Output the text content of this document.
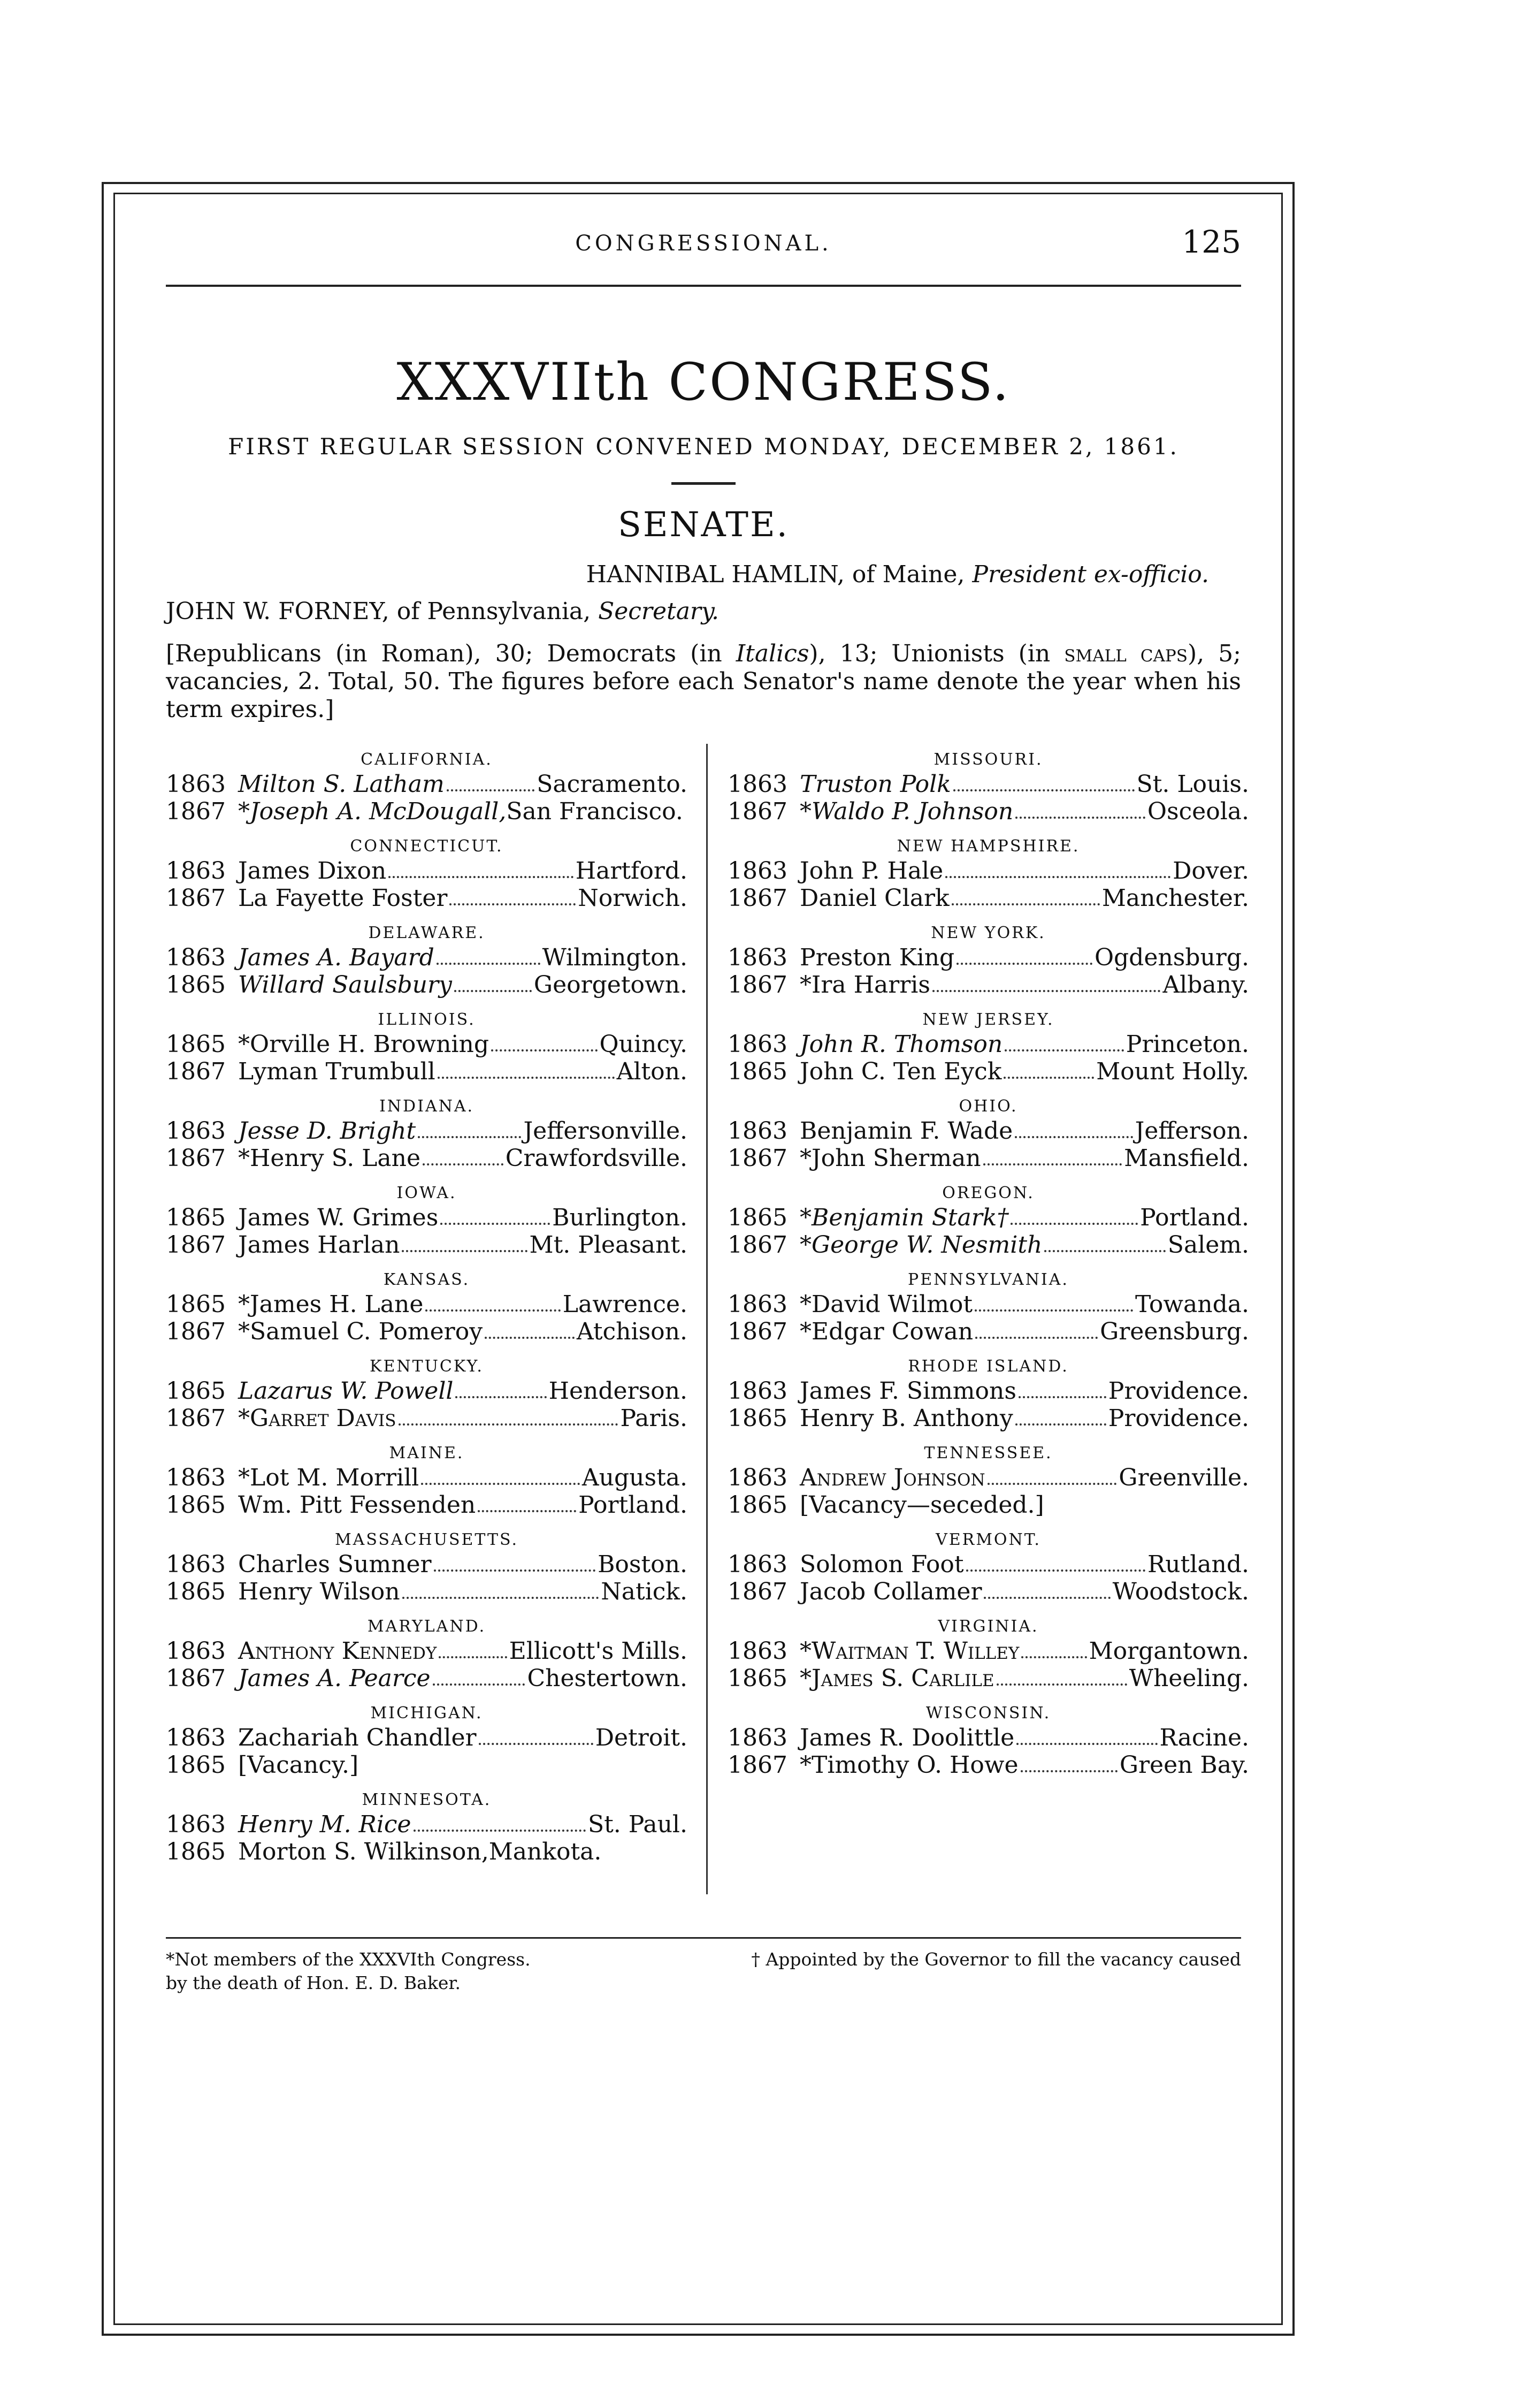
CONGRESSIONAL.	125
XXXVIIth CONGRESS.
FIRST REGULAR SESSION CONVENED MONDAY, DECEMBER 2, 1861.
SENATE.
HANNIBAL HAMLIN, of Maine, President ex-officio.
JOHN W. FORNEY, of Pennsylvania, Secretary.
[Republicans (in Roman), 30; Democrats (in Italics), 13; Unionists (in small caps), 5; vacancies, 2. Total, 50. The figures before each Senator's name denote the year when his term expires.]
CALIFORNIA.
1863 Milton S. Latham	Sacramento.
1867 *Joseph A. McDougall, San Francisco.
CONNECTICUT.
1863 James Dixon	Hartford.
1867 La Fayette Foster	Norwich.
DELAWARE.
1863 James A. Bayard	Wilmington.
1865 Willard Saulsbury	Georgetown.
ILLINOIS.
1865 *Orville H. Browning	Quincy.
1867 Lyman Trumbull	Alton.
INDIANA.
1863 Jesse D. Bright	Jeffersonville.
1867 *Henry S. Lane	Crawfordsville.
IOWA.
1865 James W. Grimes	Burlington.
1867 James Harlan	Mt. Pleasant.
KANSAS.
1865 *James H. Lane	Lawrence.
1867 *Samuel C. Pomeroy	Atchison.
KENTUCKY.
1865 Lazarus W. Powell	Henderson.
1867 *Garret Davis	Paris.
MAINE.
1863 *Lot M. Morrill	Augusta.
1865 Wm. Pitt Fessenden	Portland.
MASSACHUSETTS.
1863 Charles Sumner	Boston.
1865 Henry Wilson	Natick.
MARYLAND.
1863 Anthony Kennedy	Ellicott's Mills.
1867 James A. Pearce	Chestertown.
MICHIGAN.
1863 Zachariah Chandler	Detroit.
1865 [Vacancy.]
MINNESOTA.
1863 Henry M. Rice	St. Paul.
1865 Morton S. Wilkinson, Mankota.
MISSOURI.
1863 Truston Polk	St. Louis.
1867 *Waldo P. Johnson	Osceola.
NEW HAMPSHIRE.
1863 John P. Hale	Dover.
1867 Daniel Clark	Manchester.
NEW YORK.
1863 Preston King	Ogdensburg.
1867 *Ira Harris	Albany.
NEW JERSEY.
1863 John R. Thomson	Princeton.
1865 John C. Ten Eyck	Mount Holly.
OHIO.
1863 Benjamin F. Wade	Jefferson.
1867 *John Sherman	Mansfield.
OREGON.
1865 *Benjamin Stark†	Portland.
1867 *George W. Nesmith	Salem.
PENNSYLVANIA.
1863 *David Wilmot	Towanda.
1867 *Edgar Cowan	Greensburg.
RHODE ISLAND.
1863 James F. Simmons	Providence.
1865 Henry B. Anthony	Providence.
TENNESSEE.
1863 Andrew Johnson	Greenville.
1865 [Vacancy—seceded.]
VERMONT.
1863 Solomon Foot	Rutland.
1867 Jacob Collamer	Woodstock.
VIRGINIA.
1863 *Waitman T. Willey	Morgantown.
1865 *James S. Carlile	Wheeling.
WISCONSIN.
1863 James R. Doolittle	Racine.
1867 *Timothy O. Howe	Green Bay.
*Not members of the XXXVIth Congress.	† Appointed by the Governor to fill the vacancy caused
by the death of Hon. E. D. Baker.
